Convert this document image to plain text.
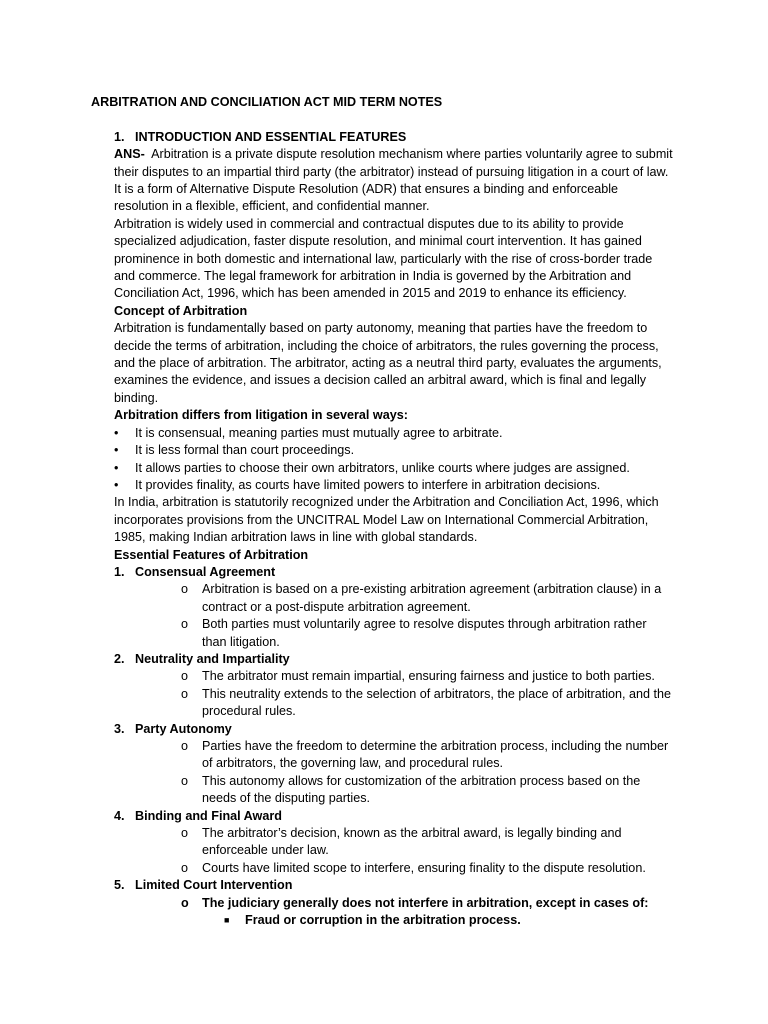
ARBITRATION AND CONCILIATION ACT MID TERM NOTES
1. INTRODUCTION AND ESSENTIAL FEATURES

ANS- Arbitration is a private dispute resolution mechanism where parties voluntarily agree to submit their disputes to an impartial third party (the arbitrator) instead of pursuing litigation in a court of law. It is a form of Alternative Dispute Resolution (ADR) that ensures a binding and enforceable resolution in a flexible, efficient, and confidential manner.

Arbitration is widely used in commercial and contractual disputes due to its ability to provide specialized adjudication, faster dispute resolution, and minimal court intervention. It has gained prominence in both domestic and international law, particularly with the rise of cross-border trade and commerce. The legal framework for arbitration in India is governed by the Arbitration and Conciliation Act, 1996, which has been amended in 2015 and 2019 to enhance its efficiency.

Concept of Arbitration

Arbitration is fundamentally based on party autonomy, meaning that parties have the freedom to decide the terms of arbitration, including the choice of arbitrators, the rules governing the process, and the place of arbitration. The arbitrator, acting as a neutral third party, evaluates the arguments, examines the evidence, and issues a decision called an arbitral award, which is final and legally binding.

Arbitration differs from litigation in several ways:

• It is consensual, meaning parties must mutually agree to arbitrate.
• It is less formal than court proceedings.
• It allows parties to choose their own arbitrators, unlike courts where judges are assigned.
• It provides finality, as courts have limited powers to interfere in arbitration decisions.

In India, arbitration is statutorily recognized under the Arbitration and Conciliation Act, 1996, which incorporates provisions from the UNCITRAL Model Law on International Commercial Arbitration, 1985, making Indian arbitration laws in line with global standards.

Essential Features of Arbitration

1. Consensual Agreement
o Arbitration is based on a pre-existing arbitration agreement (arbitration clause) in a contract or a post-dispute arbitration agreement.
o Both parties must voluntarily agree to resolve disputes through arbitration rather than litigation.
2. Neutrality and Impartiality
o The arbitrator must remain impartial, ensuring fairness and justice to both parties.
o This neutrality extends to the selection of arbitrators, the place of arbitration, and the procedural rules.
3. Party Autonomy
o Parties have the freedom to determine the arbitration process, including the number of arbitrators, the governing law, and procedural rules.
o This autonomy allows for customization of the arbitration process based on the needs of the disputing parties.
4. Binding and Final Award
o The arbitrator’s decision, known as the arbitral award, is legally binding and enforceable under law.
o Courts have limited scope to interfere, ensuring finality to the dispute resolution.
5. Limited Court Intervention
o The judiciary generally does not interfere in arbitration, except in cases of:
■ Fraud or corruption in the arbitration process.
